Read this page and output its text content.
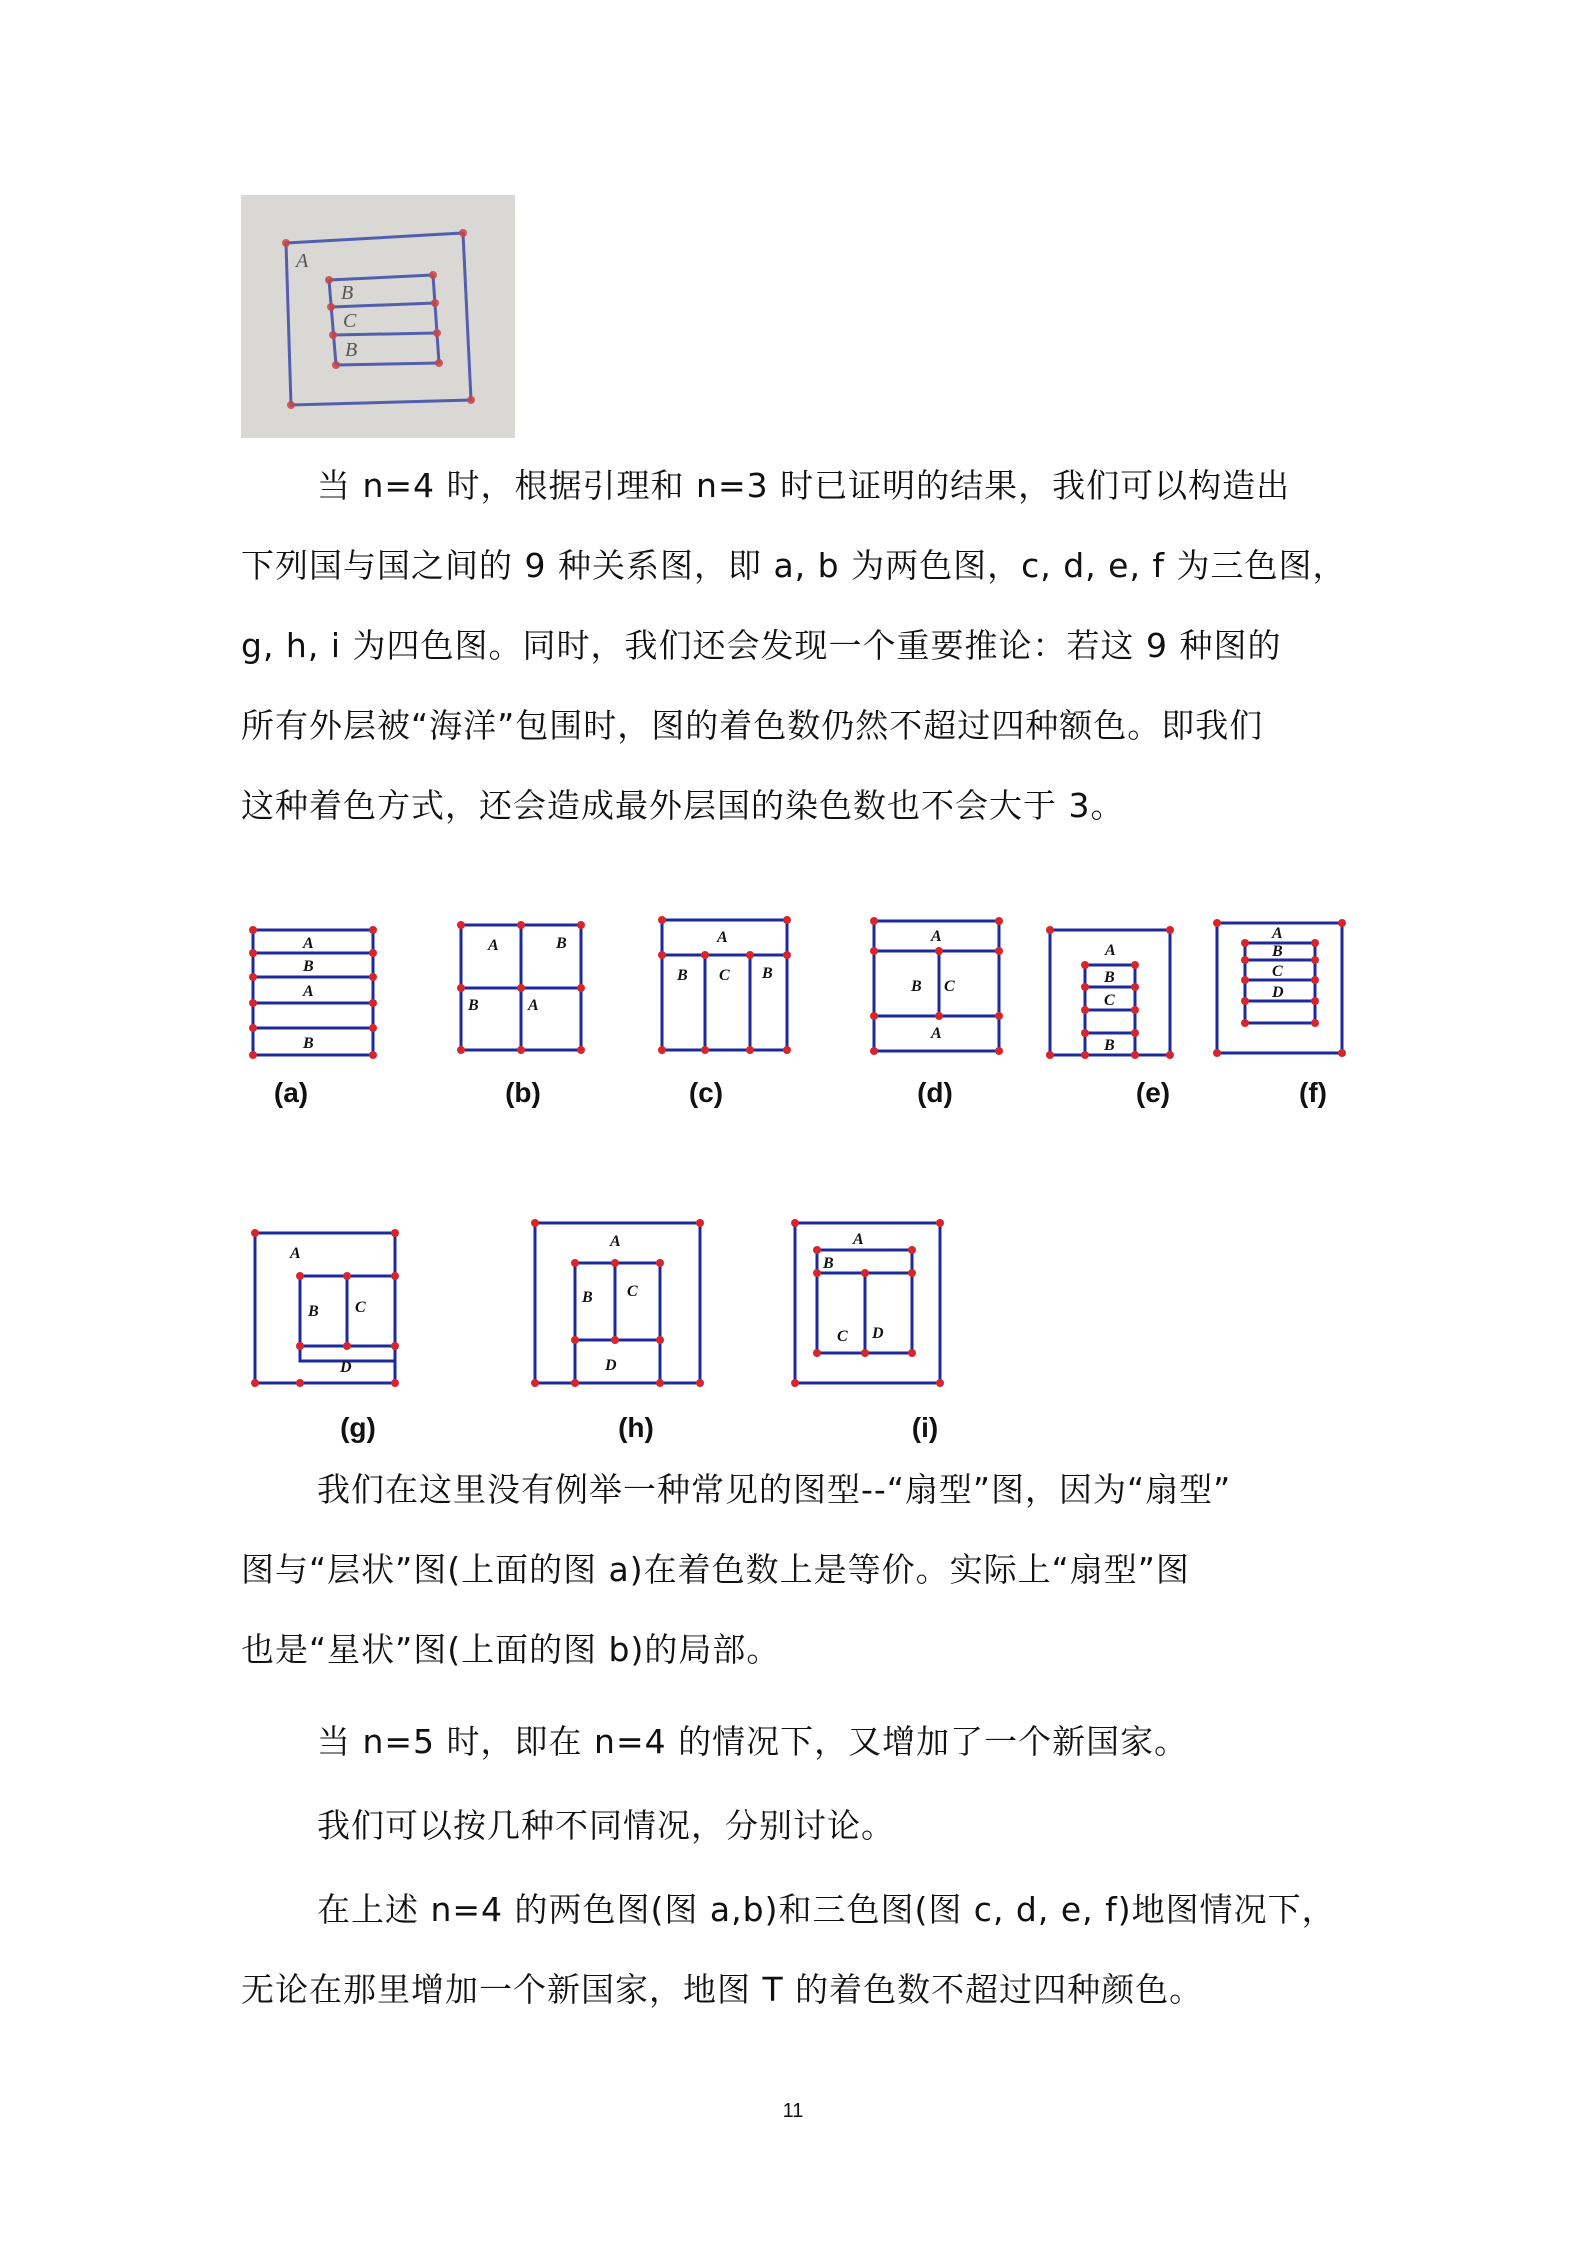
A
B
C
B
当 n=4 时，根据引理和 n=3 时已证明的结果，我们可以构造出
下列国与国之间的 9 种关系图，即 a, b 为两色图，c, d, e, f 为三色图，
g, h, i 为四色图。同时，我们还会发现一个重要推论：若这 9 种图的
所有外层被“海洋”包围时，图的着色数仍然不超过四种额色。即我们
这种着色方式，还会造成最外层国的染色数也不会大于 3。
A
B
A
B
(a)
A	B
B	A
(b)
A
B C B
(c)
A
B C
A
(d)
A
B
C
B
(e)
A
B
C
D
(f)
A
B C
D
(g)
A
B C
D
(h)
A
B
C D
(i)
我们在这里没有例举一种常见的图型--“扇型”图，因为“扇型”
图与“层状”图(上面的图 a)在着色数上是等价。实际上“扇型”图
也是“星状”图(上面的图 b)的局部。
当 n=5 时，即在 n=4 的情况下，又增加了一个新国家。
我们可以按几种不同情况，分别讨论。
在上述 n=4 的两色图(图 a,b)和三色图(图 c, d, e, f)地图情况下，
无论在那里增加一个新国家，地图 T 的着色数不超过四种颜色。
11
